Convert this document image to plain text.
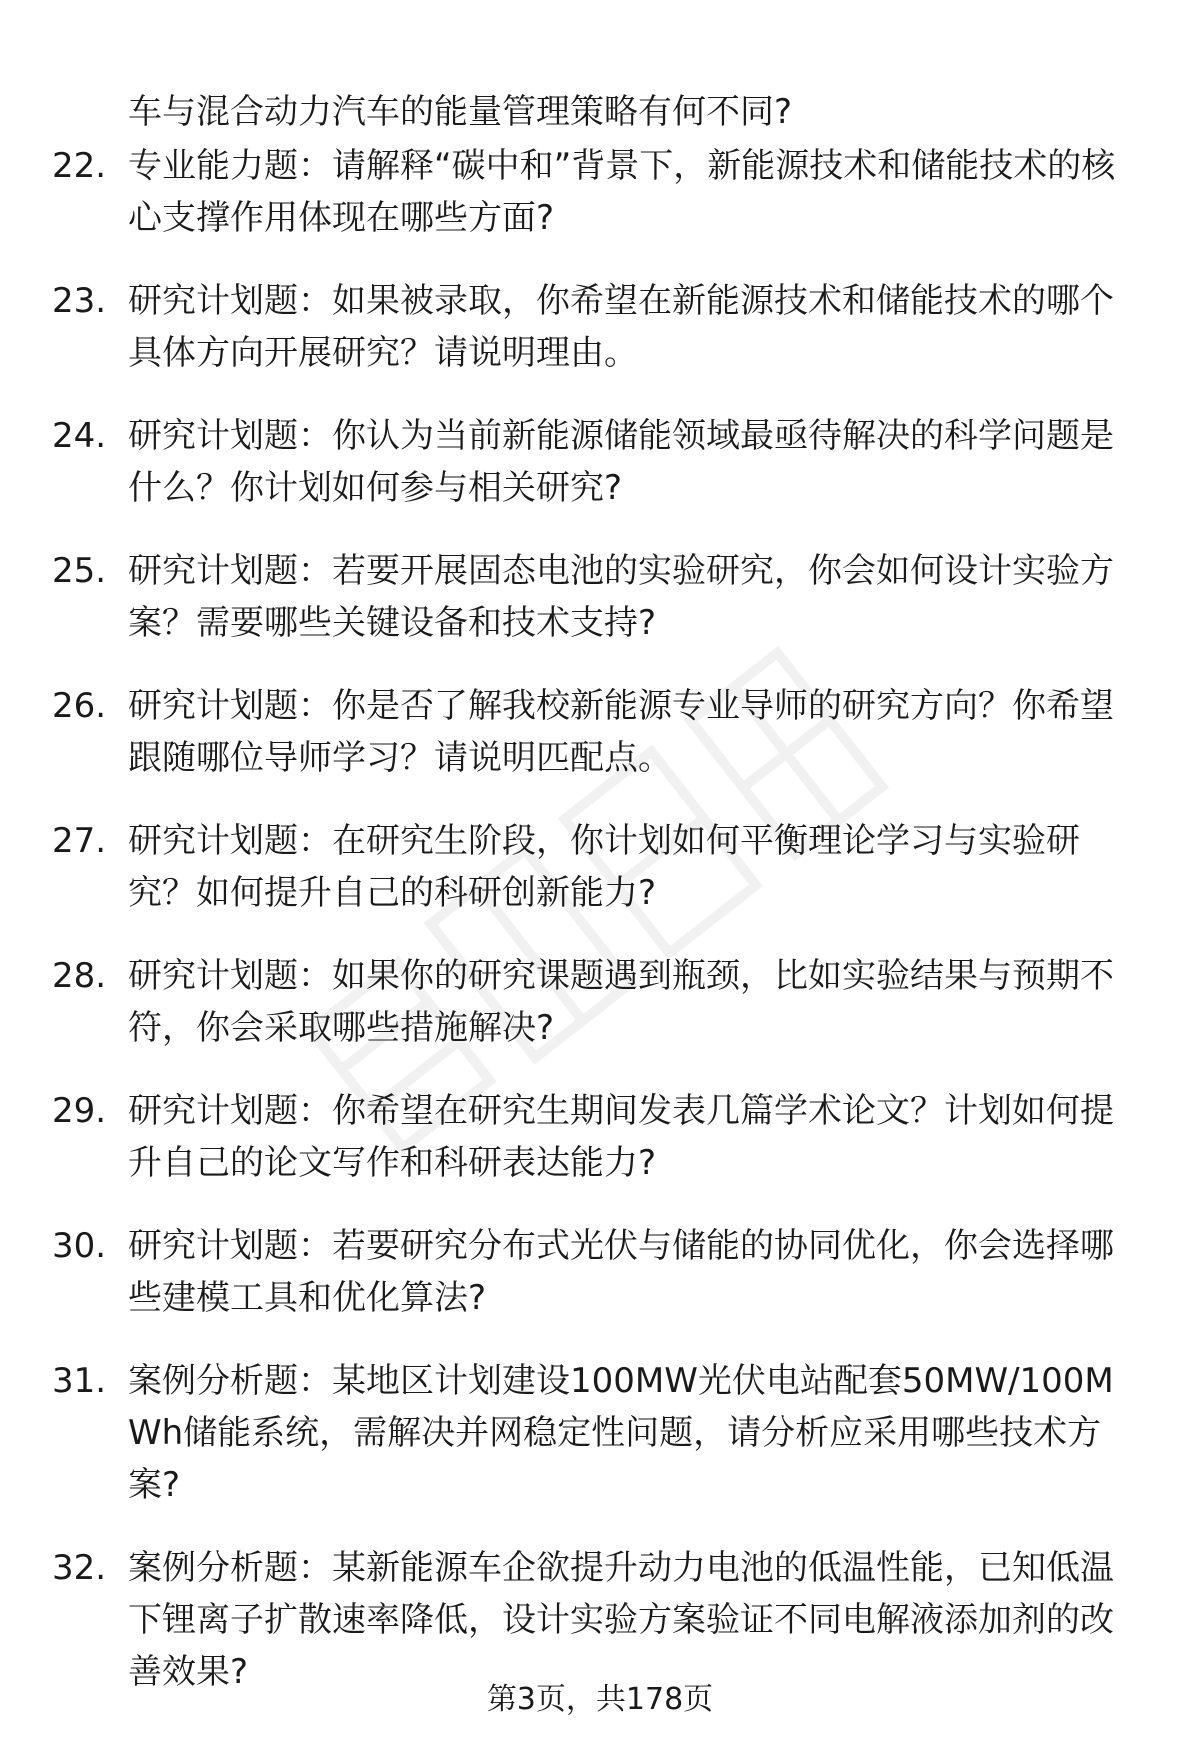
车与混合动力汽车的能量管理策略有何不同?

22. 专业能力题：请解释“碳中和”背景下，新能源技术和储能技术的核心支撑作用体现在哪些方面?

23. 研究计划题：如果被录取，你希望在新能源技术和储能技术的哪个具体方向开展研究？请说明理由。

24. 研究计划题：你认为当前新能源储能领域最亟待解决的科学问题是什么？你计划如何参与相关研究?

25. 研究计划题：若要开展固态电池的实验研究，你会如何设计实验方案？需要哪些关键设备和技术支持?

26. 研究计划题：你是否了解我校新能源专业导师的研究方向？你希望跟随哪位导师学习？请说明匹配点。

27. 研究计划题：在研究生阶段，你计划如何平衡理论学习与实验研究？如何提升自己的科研创新能力?

28. 研究计划题：如果你的研究课题遇到瓶颈，比如实验结果与预期不符，你会采取哪些措施解决?

29. 研究计划题：你希望在研究生期间发表几篇学术论文？计划如何提升自己的论文写作和科研表达能力?

30. 研究计划题：若要研究分布式光伏与储能的协同优化，你会选择哪些建模工具和优化算法?

31. 案例分析题：某地区计划建设100MW光伏电站配套50MW/100MWh储能系统，需解决并网稳定性问题，请分析应采用哪些技术方案?

32. 案例分析题：某新能源车企欲提升动力电池的低温性能，已知低温下锂离子扩散速率降低，设计实验方案验证不同电解液添加剂的改善效果?

第3页，共178页
